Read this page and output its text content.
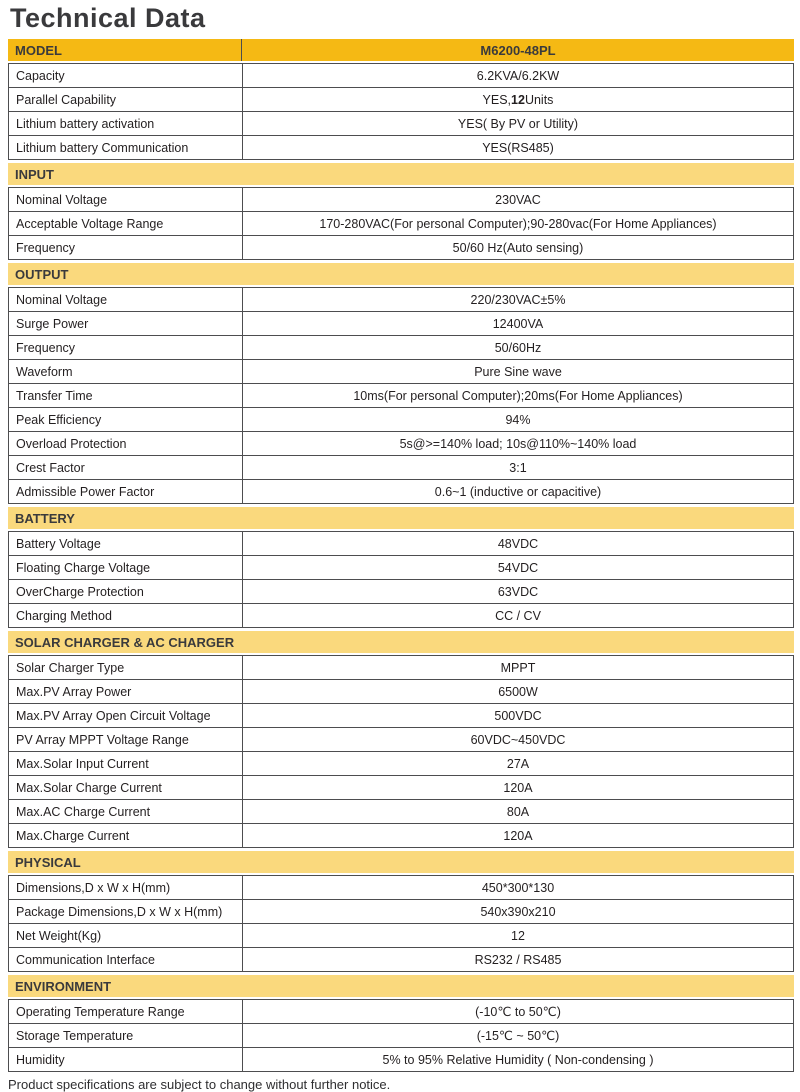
Technical Data
MODEL	M6200-48PL
Capacity	6.2KVA/6.2KW
Parallel Capability	YES, 12 Units
Lithium battery activation	YES( By PV or Utility)
Lithium battery Communication	YES(RS485)
INPUT
Nominal Voltage	230VAC
Acceptable Voltage Range	170-280VAC(For personal Computer);90-280vac(For Home Appliances)
Frequency	50/60 Hz(Auto sensing)
OUTPUT
Nominal Voltage	220/230VAC±5%
Surge Power	12400VA
Frequency	50/60Hz
Waveform	Pure Sine wave
Transfer Time	10ms(For personal Computer);20ms(For Home Appliances)
Peak Efficiency	94%
Overload Protection	5s@>=140% load; 10s@110%~140% load
Crest Factor	3:1
Admissible Power Factor	0.6~1 (inductive or capacitive)
BATTERY
Battery Voltage	48VDC
Floating Charge Voltage	54VDC
OverCharge Protection	63VDC
Charging Method	CC / CV
SOLAR CHARGER & AC CHARGER
Solar Charger Type	MPPT
Max.PV Array Power	6500W
Max.PV Array Open Circuit Voltage	500VDC
PV Array MPPT Voltage Range	60VDC~450VDC
Max.Solar Input Current	27A
Max.Solar Charge Current	120A
Max.AC Charge Current	80A
Max.Charge Current	120A
PHYSICAL
Dimensions,D x W x H(mm)	450*300*130
Package Dimensions,D x W x H(mm)	540x390x210
Net Weight(Kg)	12
Communication Interface	RS232 / RS485
ENVIRONMENT
Operating Temperature Range	(-10℃ to 50℃)
Storage Temperature	(-15℃ ~ 50℃)
Humidity	5% to 95% Relative Humidity ( Non-condensing )
Product specifications are subject to change without further notice.
